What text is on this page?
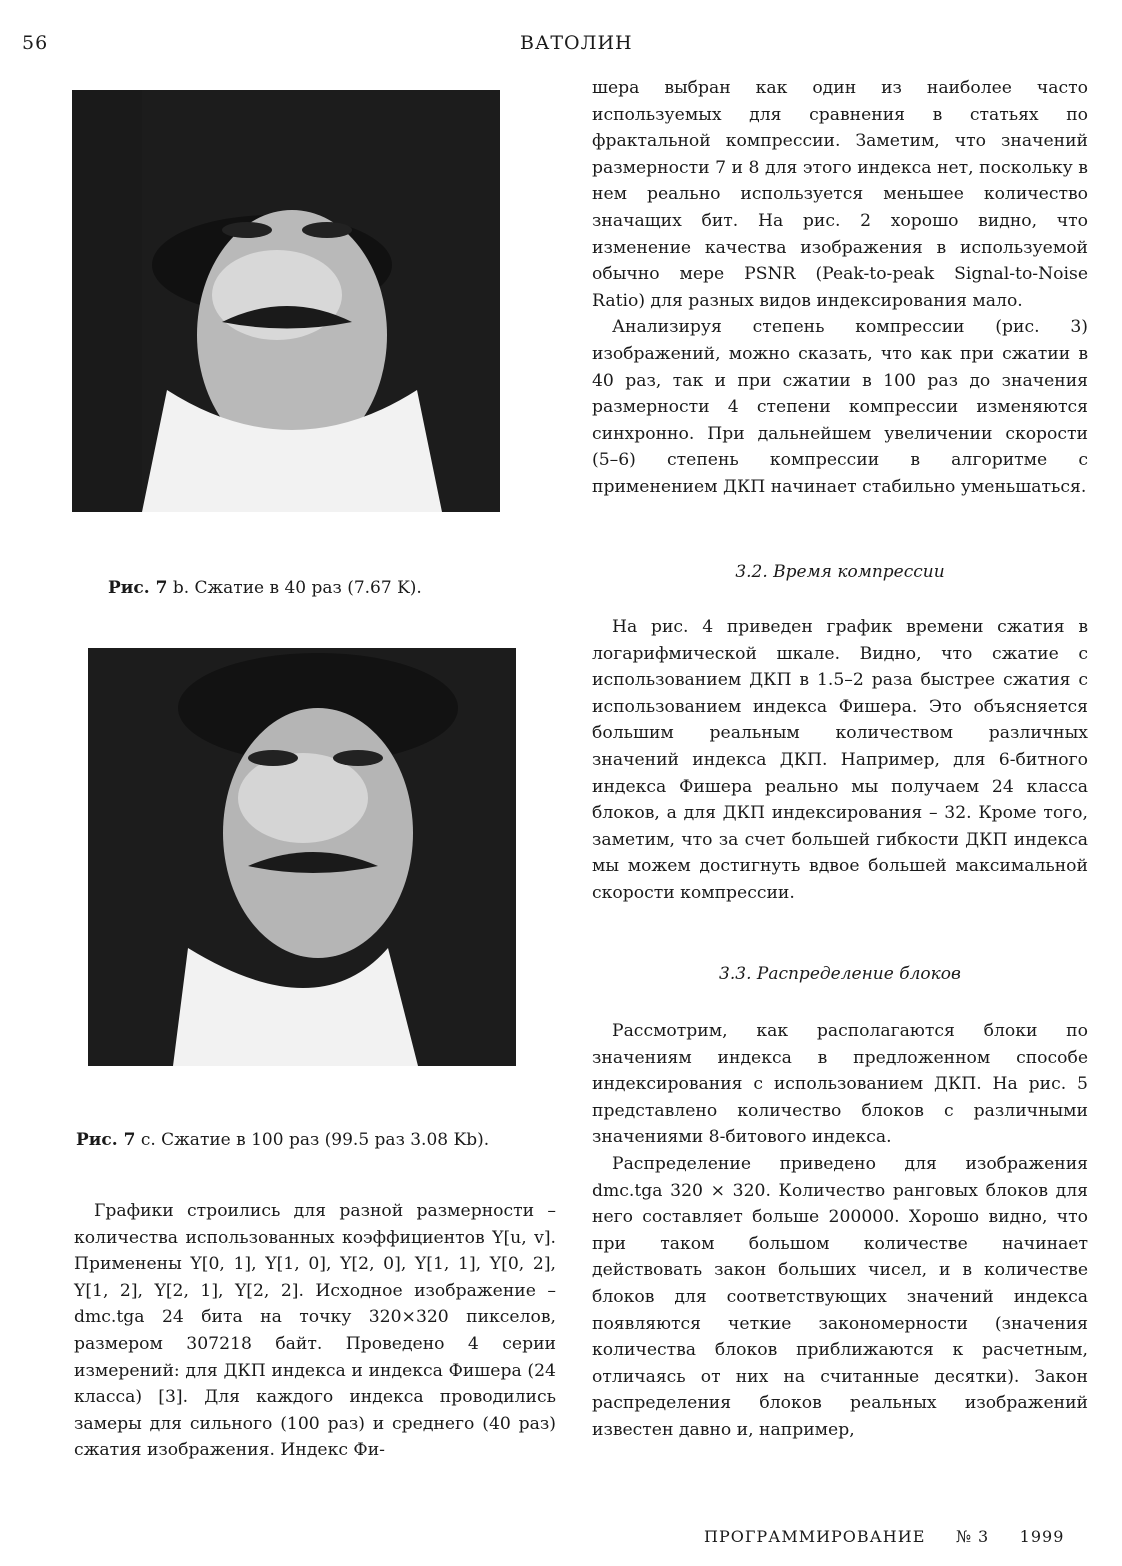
56	ВАТОЛИН
Рис. 7 b. Сжатие в 40 раз (7.67 K).
Рис. 7 с. Сжатие в 100 раз (99.5 раз 3.08 Kb).

Графики строились для разной размерности – количества использованных коэффициентов Y[u, v]. Применены Y[0, 1], Y[1, 0], Y[2, 0], Y[1, 1], Y[0, 2], Y[1, 2], Y[2, 1], Y[2, 2]. Исходное изображение – dmc.tga 24 бита на точку 320×320 пикселов, размером 307218 байт. Проведено 4 серии измерений: для ДКП индекса и индекса Фишера (24 класса) [3]. Для каждого индекса проводились замеры для сильного (100 раз) и среднего (40 раз) сжатия изображения. Индекс Фи-

шера выбран как один из наиболее часто используемых для сравнения в статьях по фрактальной компрессии. Заметим, что значений размерности 7 и 8 для этого индекса нет, поскольку в нем реально используется меньшее количество значащих бит. На рис. 2 хорошо видно, что изменение качества изображения в используемой обычно мере PSNR (Peak-to-peak Signal-to-Noise Ratio) для разных видов индексирования мало.

Анализируя степень компрессии (рис. 3) изображений, можно сказать, что как при сжатии в 40 раз, так и при сжатии в 100 раз до значения размерности 4 степени компрессии изменяются синхронно. При дальнейшем увеличении скорости (5–6) степень компрессии в алгоритме с применением ДКП начинает стабильно уменьшаться.

3.2. Время компрессии

На рис. 4 приведен график времени сжатия в логарифмической шкале. Видно, что сжатие с использованием ДКП в 1.5–2 раза быстрее сжатия с использованием индекса Фишера. Это объясняется большим реальным количеством различных значений индекса ДКП. Например, для 6-битного индекса Фишера реально мы получаем 24 класса блоков, а для ДКП индексирования – 32. Кроме того, заметим, что за счет большей гибкости ДКП индекса мы можем достигнуть вдвое большей максимальной скорости компрессии.

3.3. Распределение блоков

Рассмотрим, как располагаются блоки по значениям индекса в предложенном способе индексирования с использованием ДКП. На рис. 5 представлено количество блоков с различными значениями 8-битового индекса.

Распределение приведено для изображения dmc.tga 320 × 320. Количество ранговых блоков для него составляет больше 200000. Хорошо видно, что при таком большом количестве начинает действовать закон больших чисел, и в количестве блоков для соответствующих значений индекса появляются четкие закономерности (значения количества блоков приближаются к расчетным, отличаясь от них на считанные десятки). Закон распределения блоков реальных изображений известен давно и, например,

ПРОГРАММИРОВАНИЕ № 3 1999
